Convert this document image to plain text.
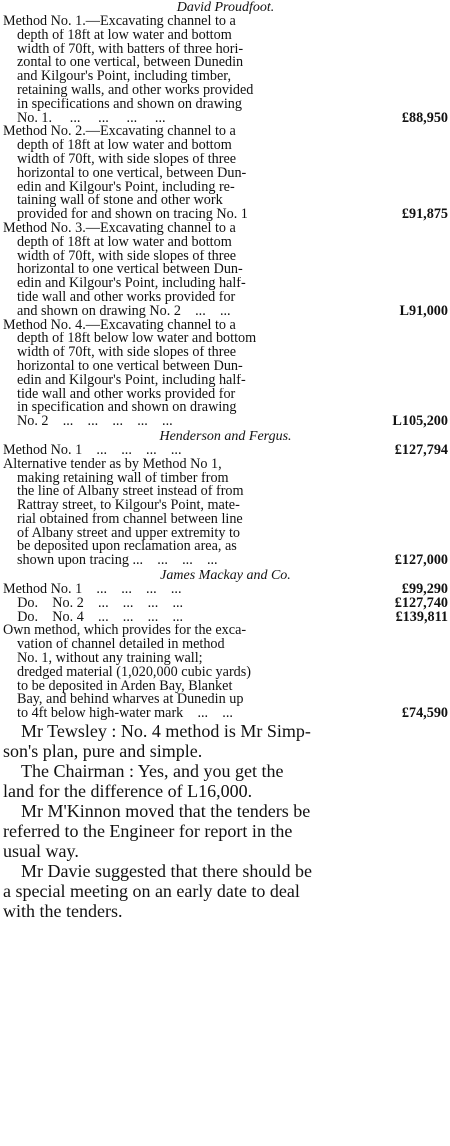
David Proudfoot.

Method No. 1.—Excavating channel to a
depth of 18ft at low water and bottom
width of 70ft, with batters of three hori-
zontal to one vertical, between Dunedin
and Kilgour's Point, including timber,
retaining walls, and other works provided
in specifications and shown on drawing
No. 1.     ...     ...     ...     ...	£88,950
Method No. 2.—Excavating channel to a
depth of 18ft at low water and bottom
width of 70ft, with side slopes of three
horizontal to one vertical, between Dun-
edin and Kilgour's Point, including re-
taining wall of stone and other work
provided for and shown on tracing No. 1	£91,875
Method No. 3.—Excavating channel to a
depth of 18ft at low water and bottom
width of 70ft, with side slopes of three
horizontal to one vertical between Dun-
edin and Kilgour's Point, including half-
tide wall and other works provided for
and shown on drawing No. 2    ...    ...	L91,000
Method No. 4.—Excavating channel to a
depth of 18ft below low water and bottom
width of 70ft, with side slopes of three
horizontal to one vertical between Dun-
edin and Kilgour's Point, including half-
tide wall and other works provided for
in specification and shown on drawing
No. 2    ...    ...    ...    ...    ...	L105,200

Henderson and Fergus.

Method No. 1    ...    ...    ...    ...	£127,794
Alternative tender as by Method No 1,
making retaining wall of timber from
the line of Albany street instead of from
Rattray street, to Kilgour's Point, mate-
rial obtained from channel between line
of Albany street and upper extremity to
be deposited upon reclamation area, as
shown upon tracing ...    ...    ...    ...	£127,000

James Mackay and Co.

Method No. 1    ...    ...    ...    ...	£99,290
Do.    No. 2    ...    ...    ...    ...	£127,740
Do.    No. 4    ...    ...    ...    ...	£139,811
Own method, which provides for the exca-
vation of channel detailed in method
No. 1, without any training wall;
dredged material (1,020,000 cubic yards)
to be deposited in Arden Bay, Blanket
Bay, and behind wharves at Dunedin up
to 4ft below high-water mark    ...    ...	£74,590
Mr Tewsley : No. 4 method is Mr Simp-
son's plan, pure and simple.
The Chairman : Yes, and you get the
land for the difference of L16,000.
Mr M'Kinnon moved that the tenders be
referred to the Engineer for report in the
usual way.
Mr Davie suggested that there should be
a special meeting on an early date to deal
with the tenders.
